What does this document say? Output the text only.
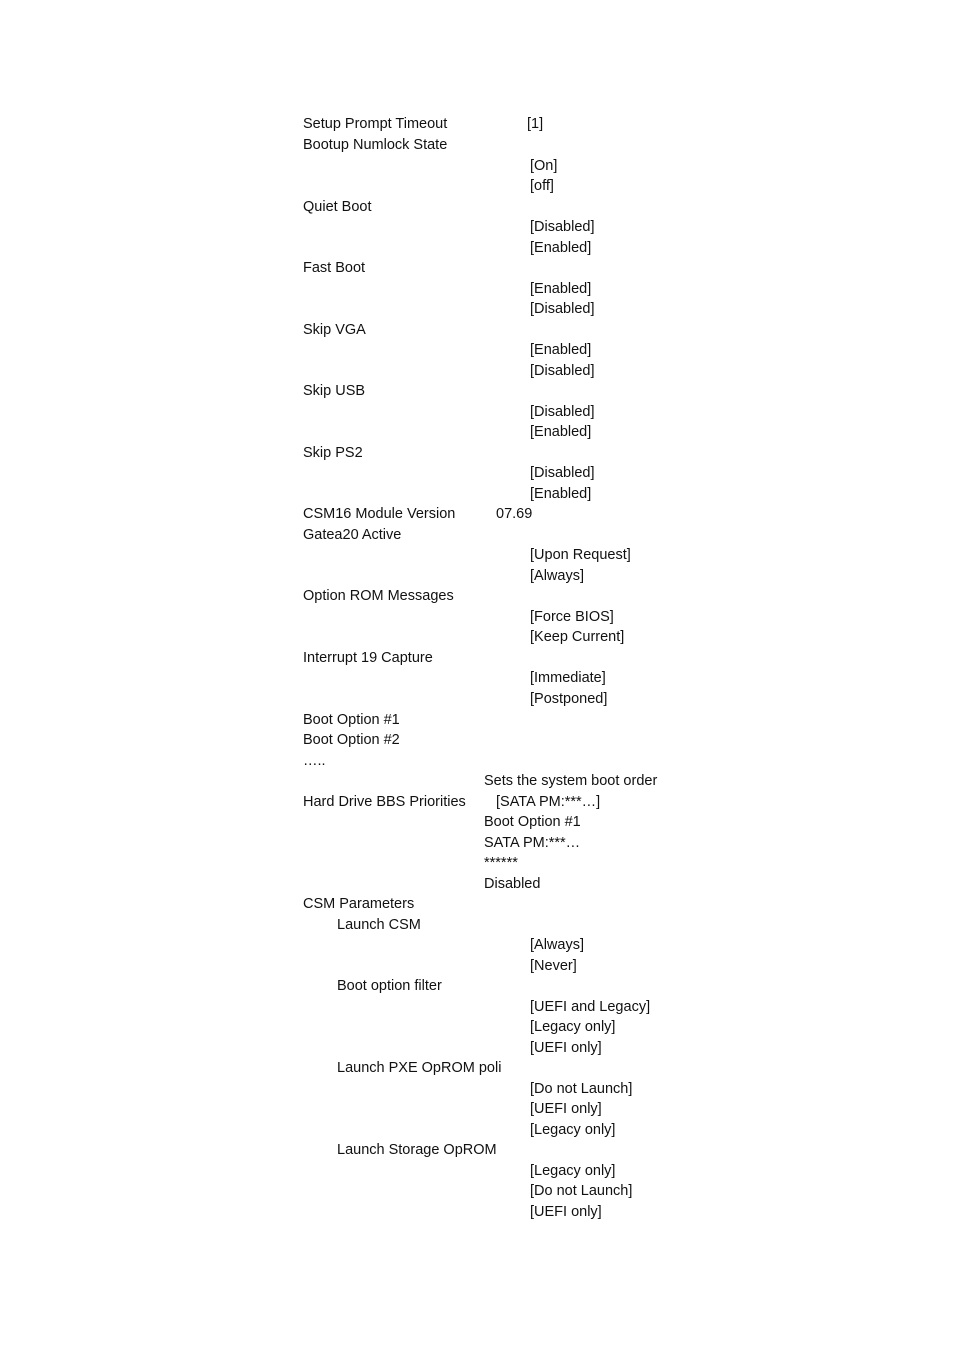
Setup Prompt Timeout	[1]
Bootup Numlock State
[On]
[off]
Quiet Boot
[Disabled]
[Enabled]
Fast Boot
[Enabled]
[Disabled]
Skip VGA
[Enabled]
[Disabled]
Skip USB
[Disabled]
[Enabled]
Skip PS2
[Disabled]
[Enabled]
CSM16 Module Version	07.69
Gatea20 Active
[Upon Request]
[Always]
Option ROM Messages
[Force BIOS]
[Keep Current]
Interrupt 19 Capture
[Immediate]
[Postponed]
Boot Option #1
Boot Option #2
…..
Sets the system boot order
Hard Drive BBS Priorities [SATA PM:***…]
Boot Option #1
SATA PM:***…
******
Disabled
CSM Parameters
Launch CSM
[Always]
[Never]
Boot option filter
[UEFI and Legacy]
[Legacy only]
[UEFI only]
Launch PXE OpROM poli
[Do not Launch]
[UEFI only]
[Legacy only]
Launch Storage OpROM
[Legacy only]
[Do not Launch]
[UEFI only]
